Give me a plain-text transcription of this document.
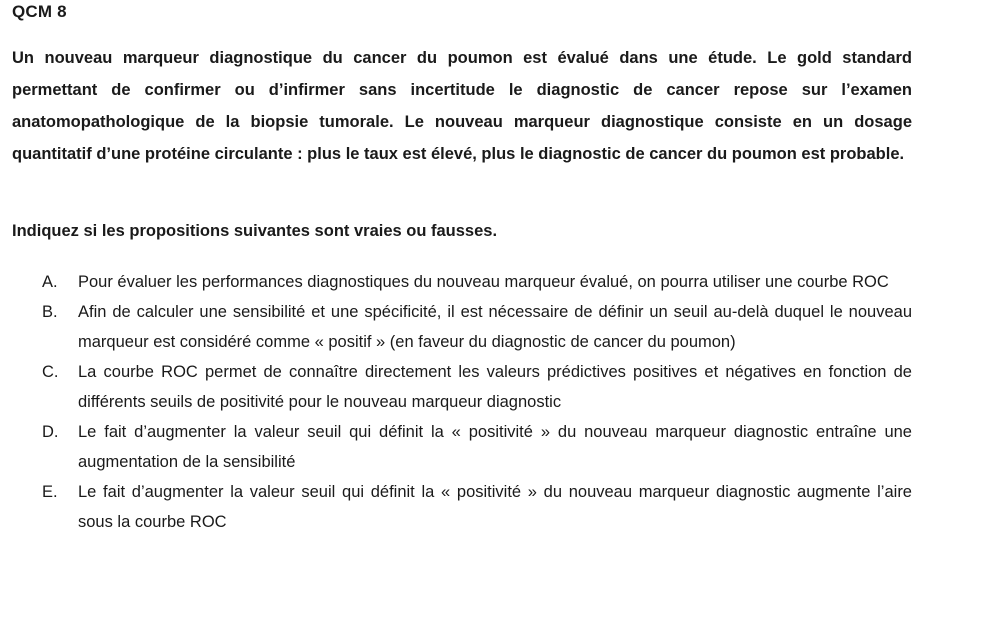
QCM 8

Un nouveau marqueur diagnostique du cancer du poumon est évalué dans une étude. Le gold standard permettant de confirmer ou d’infirmer sans incertitude le diagnostic de cancer repose sur l’examen anatomopathologique de la biopsie tumorale. Le nouveau marqueur diagnostique consiste en un dosage quantitatif d’une protéine circulante : plus le taux est élevé, plus le diagnostic de cancer du poumon est probable.

Indiquez si les propositions suivantes sont vraies ou fausses.

A.	Pour évaluer les performances diagnostiques du nouveau marqueur évalué, on pourra utiliser une courbe ROC
B.	Afin de calculer une sensibilité et une spécificité, il est nécessaire de définir un seuil au-delà duquel le nouveau marqueur est considéré comme « positif » (en faveur du diagnostic de cancer du poumon)
C.	La courbe ROC permet de connaître directement les valeurs prédictives positives et négatives en fonction de différents seuils de positivité pour le nouveau marqueur diagnostic
D.	Le fait d’augmenter la valeur seuil qui définit la « positivité » du nouveau marqueur diagnostic entraîne une augmentation de la sensibilité
E.	Le fait d’augmenter la valeur seuil qui définit la « positivité » du nouveau marqueur diagnostic augmente l’aire sous la courbe ROC
